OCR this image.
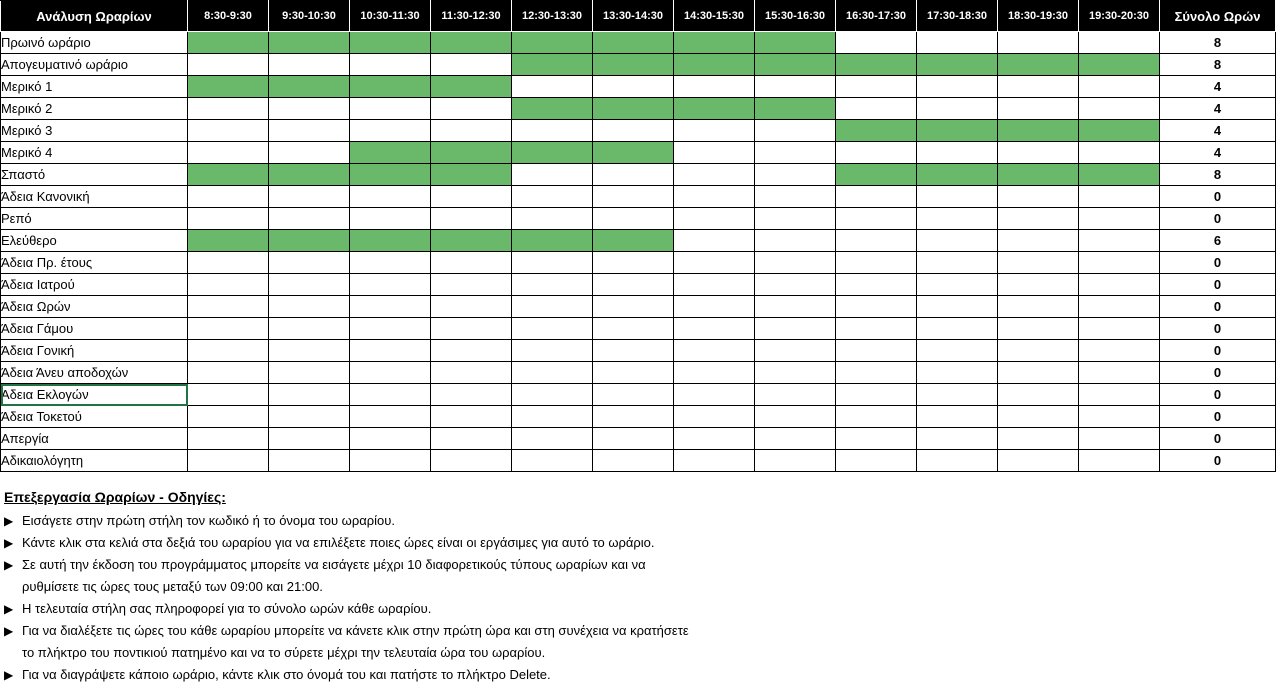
Ανάλυση Ωραρίων	8:30-9:30	9:30-10:30	10:30-11:30	11:30-12:30	12:30-13:30	13:30-14:30	14:30-15:30	15:30-16:30	16:30-17:30	17:30-18:30	18:30-19:30	19:30-20:30	Σύνολο Ωρών
Πρωινό ωράριο													8
Απογευματινό ωράριο													8
Μερικό 1													4
Μερικό 2													4
Μερικό 3													4
Μερικό 4													4
Σπαστό													8
Άδεια Κανονική													0
Ρεπό													0
Ελεύθερο													6
Άδεια Πρ. έτους													0
Άδεια Ιατρού													0
Άδεια Ωρών													0
Άδεια Γάμου													0
Άδεια Γονική													0
Άδεια Άνευ αποδοχών													0
Άδεια Εκλογών													0
Άδεια Τοκετού													0
Απεργία													0
Αδικαιολόγητη													0
Επεξεργασία Ωραρίων - Οδηγίες:
▶ Εισάγετε στην πρώτη στήλη τον κωδικό ή το όνομα του ωραρίου.
▶ Κάντε κλικ στα κελιά στα δεξιά του ωραρίου για να επιλέξετε ποιες ώρες είναι οι εργάσιμες για αυτό το ωράριο.
▶ Σε αυτή την έκδοση του προγράμματος μπορείτε να εισάγετε μέχρι 10 διαφορετικούς τύπους ωραρίων και να
ρυθμίσετε τις ώρες τους μεταξύ των 09:00 και 21:00.
▶ Η τελευταία στήλη σας πληροφορεί για το σύνολο ωρών κάθε ωραρίου.
▶ Για να διαλέξετε τις ώρες του κάθε ωραρίου μπορείτε να κάνετε κλικ στην πρώτη ώρα και στη συνέχεια να κρατήσετε
το πλήκτρο του ποντικιού πατημένο και να το σύρετε μέχρι την τελευταία ώρα του ωραρίου.
▶ Για να διαγράψετε κάποιο ωράριο, κάντε κλικ στο όνομά του και πατήστε το πλήκτρο Delete.
